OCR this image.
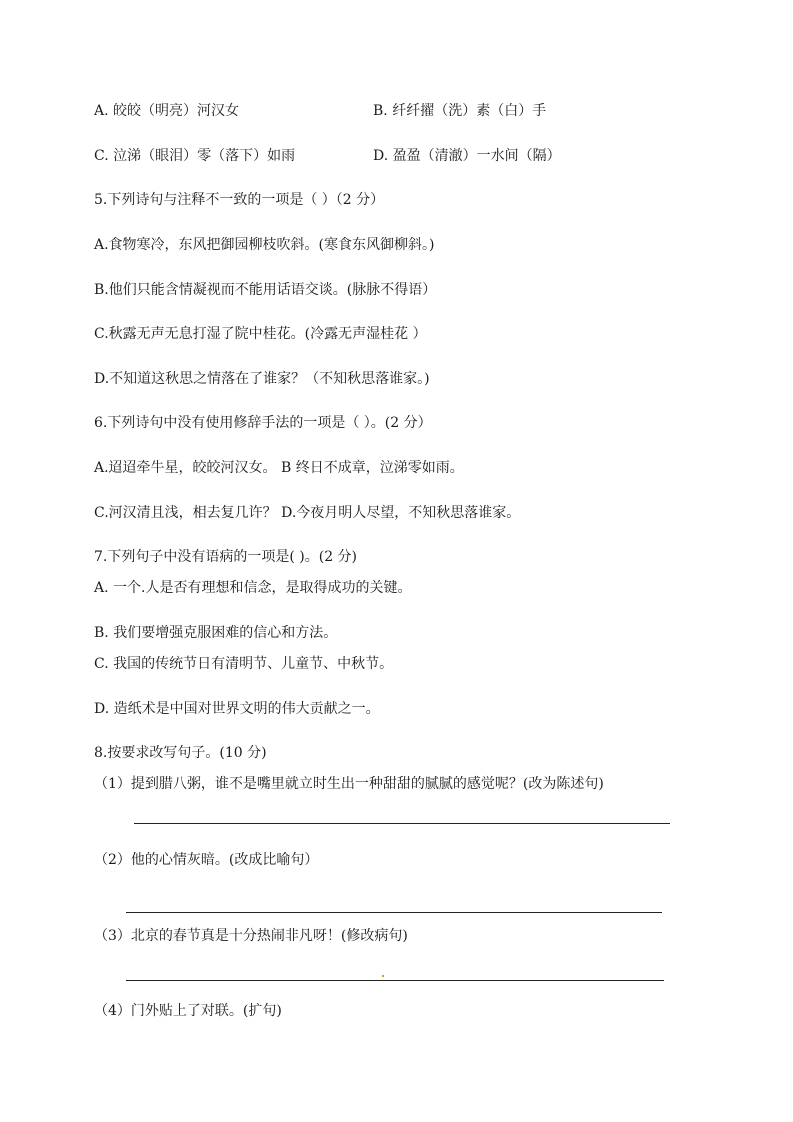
A. 皎皎（明亮）河汉女	B. 纤纤擢（洗）素（白）手
C. 泣涕（眼泪）零（落下）如雨	D. 盈盈（清澈）一水间（隔）
5.下列诗句与注释不一致的一项是（ ）（2 分）
A.食物寒冷，东风把御园柳枝吹斜。(寒食东风御柳斜。)
B.他们只能含情凝视而不能用话语交谈。(脉脉不得语）
C.秋露无声无息打湿了院中桂花。(冷露无声湿桂花 ）
D.不知道这秋思之情落在了谁家？（不知秋思落谁家。)
6.下列诗句中没有使用修辞手法的一项是（ ）。(2 分）
A.迢迢牵牛星，皎皎河汉女。 B 终日不成章，泣涕零如雨。
C.河汉清且浅，相去复几许？ D.今夜月明人尽望，不知秋思落谁家。
7.下列句子中没有语病的一项是( )。(2 分)
A. 一个.人是否有理想和信念，是取得成功的关键。
B. 我们要增强克服困难的信心和方法。
C. 我国的传统节日有清明节、儿童节、中秋节。
D. 造纸术是中国对世界文明的伟大贡献之一。
8.按要求改写句子。(10 分)
（1）提到腊八粥，谁不是嘴里就立时生出一种甜甜的腻腻的感觉呢？(改为陈述句)
（2）他的心情灰暗。(改成比喻句）
（3）北京的春节真是十分热闹非凡呀！(修改病句)
（4）门外贴上了对联。(扩句)
